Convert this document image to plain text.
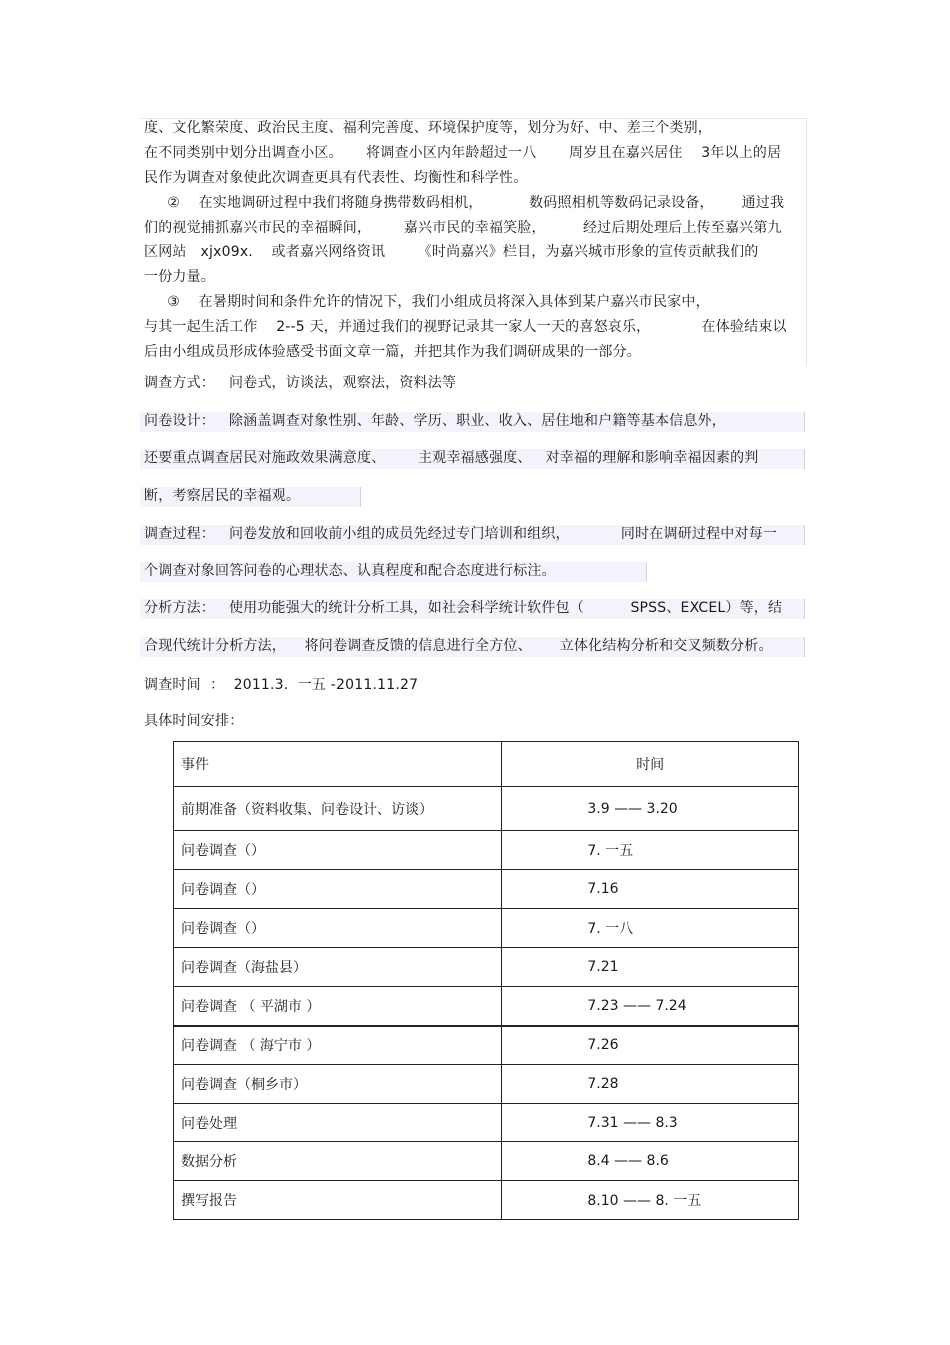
度、文化繁荣度、政治民主度、福利完善度、环境保护度等，划分为好、中、差三个类别，
在不同类别中划分出调查小区。     将调查小区内年龄超过一八       周岁且在嘉兴居住    3年以上的居
民作为调查对象使此次调查更具有代表性、均衡性和科学性。
②    在实地调研过程中我们将随身携带数码相机，          数码照相机等数码记录设备，      通过我
们的视觉捕抓嘉兴市民的幸福瞬间，       嘉兴市民的幸福笑脸，        经过后期处理后上传至嘉兴第九
区网站   xjx09x.    或者嘉兴网络资讯       《时尚嘉兴》栏目，为嘉兴城市形象的宣传贡献我们的
一份力量。
③    在暑期时间和条件允许的情况下，我们小组成员将深入具体到某户嘉兴市民家中，
与其一起生活工作    2--5 天，并通过我们的视野记录其一家人一天的喜怒哀乐，           在体验结束以
后由小组成员形成体验感受书面文章一篇，并把其作为我们调研成果的一部分。
调查方式：   问卷式，访谈法，观察法，资料法等
问卷设计：   除涵盖调查对象性别、年龄、学历、职业、收入、居住地和户籍等基本信息外，
还要重点调查居民对施政效果满意度、       主观幸福感强度、   对幸福的理解和影响幸福因素的判
断，考察居民的幸福观。
调查过程：   问卷发放和回收前小组的成员先经过专门培训和组织，           同时在调研过程中对每一
个调查对象回答问卷的心理状态、认真程度和配合态度进行标注。
分析方法：   使用功能强大的统计分析工具，如社会科学统计软件包（          SPSS、EXCEL）等，结
合现代统计分析方法，    将问卷调查反馈的信息进行全方位、      立体化结构分析和交叉频数分析。
调查时间  ：  2011.3.  一五 -2011.11.27
具体时间安排：
事件	时间
前期准备（资料收集、问卷设计、访谈）	3.9 —— 3.20
问卷调查（）	7. 一五
问卷调查（）	7.16
问卷调查（）	7. 一八
问卷调查（海盐县）	7.21
问卷调查 （ 平湖市 ）	7.23 —— 7.24
问卷调查 （ 海宁市 ）	7.26
问卷调查（桐乡市）	7.28
问卷处理	7.31 —— 8.3
数据分析	8.4 —— 8.6
撰写报告	8.10 —— 8. 一五
